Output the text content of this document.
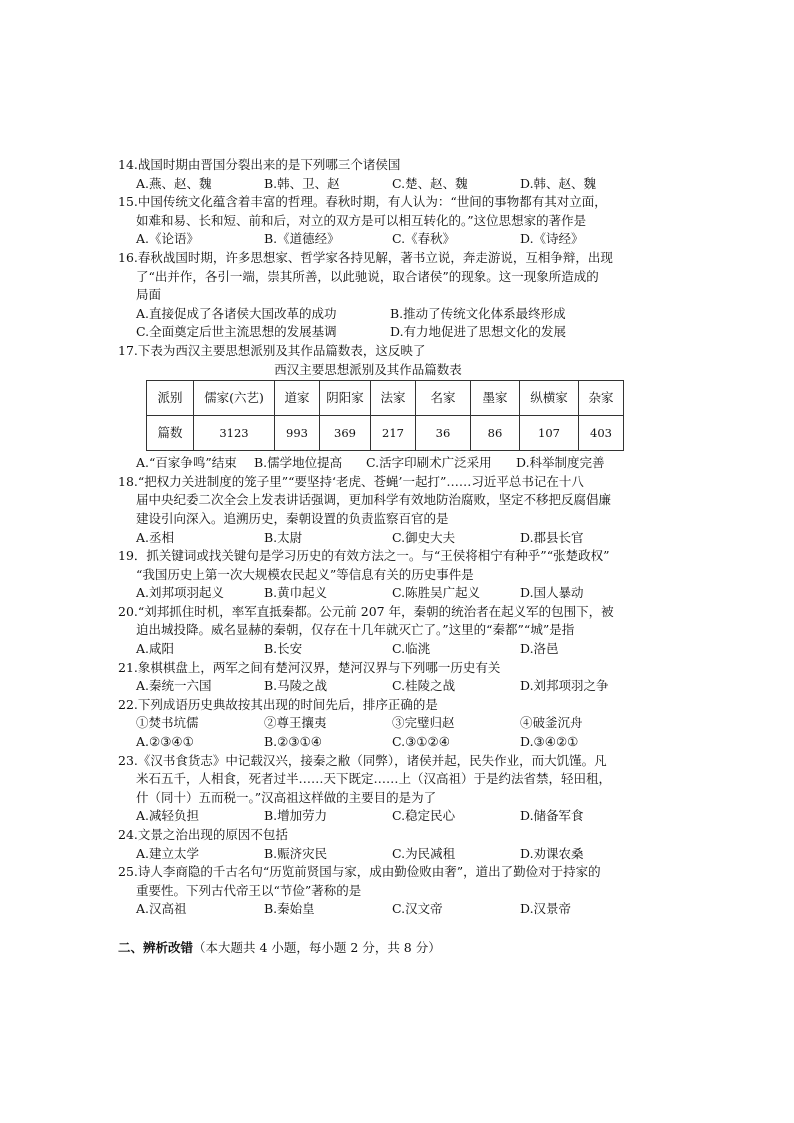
14.战国时期由晋国分裂出来的是下列哪三个诸侯国
A.燕、赵、魏	B.韩、卫、赵	C.楚、赵、魏	D.韩、赵、魏
15.中国传统文化蕴含着丰富的哲理。春秋时期，有人认为：“世间的事物都有其对立面，
如难和易、长和短、前和后，对立的双方是可以相互转化的。”这位思想家的著作是
A.《论语》	B.《道德经》	C.《春秋》	D.《诗经》
16.春秋战国时期，许多思想家、哲学家各持见解，著书立说，奔走游说，互相争辩，出现
了“出并作，各引一端，崇其所善，以此驰说，取合诸侯”的现象。这一现象所造成的
局面
A.直接促成了各诸侯大国改革的成功	B.推动了传统文化体系最终形成
C.全面奠定后世主流思想的发展基调	D.有力地促进了思想文化的发展
17.下表为西汉主要思想派别及其作品篇数表，这反映了
西汉主要思想派别及其作品篇数表
派别	儒家(六艺)	道家	阴阳家	法家	名家	墨家	纵横家	杂家
篇数	3123	993	369	217	36	86	107	403
A.“百家争鸣”结束	B.儒学地位提高	C.活字印刷术广泛采用	D.科举制度完善
18.“把权力关进制度的笼子里”“要坚持‘老虎、苍蝇’一起打”……习近平总书记在十八
届中央纪委二次全会上发表讲话强调，更加科学有效地防治腐败，坚定不移把反腐倡廉
建设引向深入。追溯历史，秦朝设置的负责监察百官的是
A.丞相	B.太尉	C.御史大夫	D.郡县长官
19．抓关键词或找关键句是学习历史的有效方法之一。与“王侯将相宁有种乎”“张楚政权”
“我国历史上第一次大规模农民起义”等信息有关的历史事件是
A.刘邦项羽起义	B.黄巾起义	C.陈胜吴广起义	D.国人暴动
20.“刘邦抓住时机，率军直抵秦都。公元前 207 年，秦朝的统治者在起义军的包围下，被
迫出城投降。威名显赫的秦朝，仅存在十几年就灭亡了。”这里的“秦都”“城”是指
A.咸阳	B.长安	C.临洮	D.洛邑
21.象棋棋盘上，两军之间有楚河汉界，楚河汉界与下列哪一历史有关
A.秦统一六国	B.马陵之战	C.桂陵之战	D.刘邦项羽之争
22.下列成语历史典故按其出现的时间先后，排序正确的是
①焚书坑儒	②尊王攘夷	③完璧归赵	④破釜沉舟
A.②③④①	B.②③①④	C.③①②④	D.③④②①
23.《汉书食货志》中记载汉兴，接秦之敝（同弊），诸侯并起，民失作业，而大饥馑。凡
米石五千，人相食，死者过半……天下既定……上（汉高祖）于是约法省禁，轻田租，
什（同十）五而税一。”汉高祖这样做的主要目的是为了
A.减轻负担	B.增加劳力	C.稳定民心	D.储备军食
24.文景之治出现的原因不包括
A.建立太学	B.赈济灾民	C.为民减租	D.劝课农桑
25.诗人李商隐的千古名句“历览前贤国与家，成由勤俭败由奢”，道出了勤俭对于持家的
重要性。下列古代帝王以“节俭”著称的是
A.汉高祖	B.秦始皇	C.汉文帝	D.汉景帝
二、辨析改错（本大题共 4 小题，每小题 2 分，共 8 分）
